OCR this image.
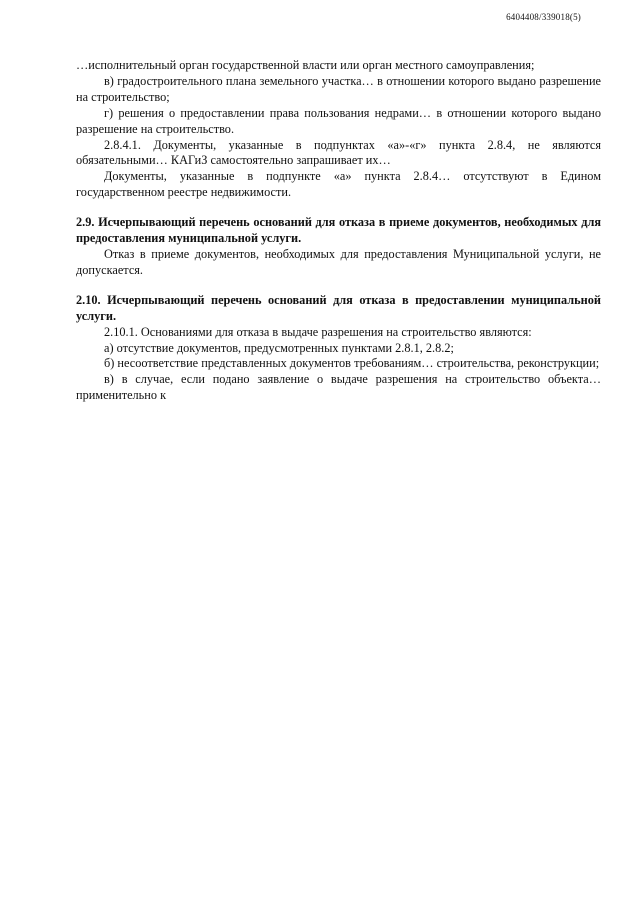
6404408/339018(5)

…исполнительный орган государственной власти или орган местного самоуправления;

в) градостроительного плана земельного участка… в отношении которого выдано разрешение на строительство;

г) решения о предоставлении права пользования недрами… в отношении которого выдано разрешение на строительство.

2.8.4.1. Документы, указанные в подпунктах «а»-«г» пункта 2.8.4, не являются обязательными… КАГиЗ самостоятельно запрашивает их…

Документы, указанные в подпункте «а» пункта 2.8.4… отсутствуют в Едином государственном реестре недвижимости.

2.9. Исчерпывающий перечень оснований для отказа в приеме документов, необходимых для предоставления муниципальной услуги.

Отказ в приеме документов, необходимых для предоставления Муниципальной услуги, не допускается.

2.10. Исчерпывающий перечень оснований для отказа в предоставлении муниципальной услуги.

2.10.1. Основаниями для отказа в выдаче разрешения на строительство являются:

а) отсутствие документов, предусмотренных пунктами 2.8.1, 2.8.2;

б) несоответствие представленных документов требованиям… строительства, реконструкции;

в) в случае, если подано заявление о выдаче разрешения на строительство объекта… применительно к
